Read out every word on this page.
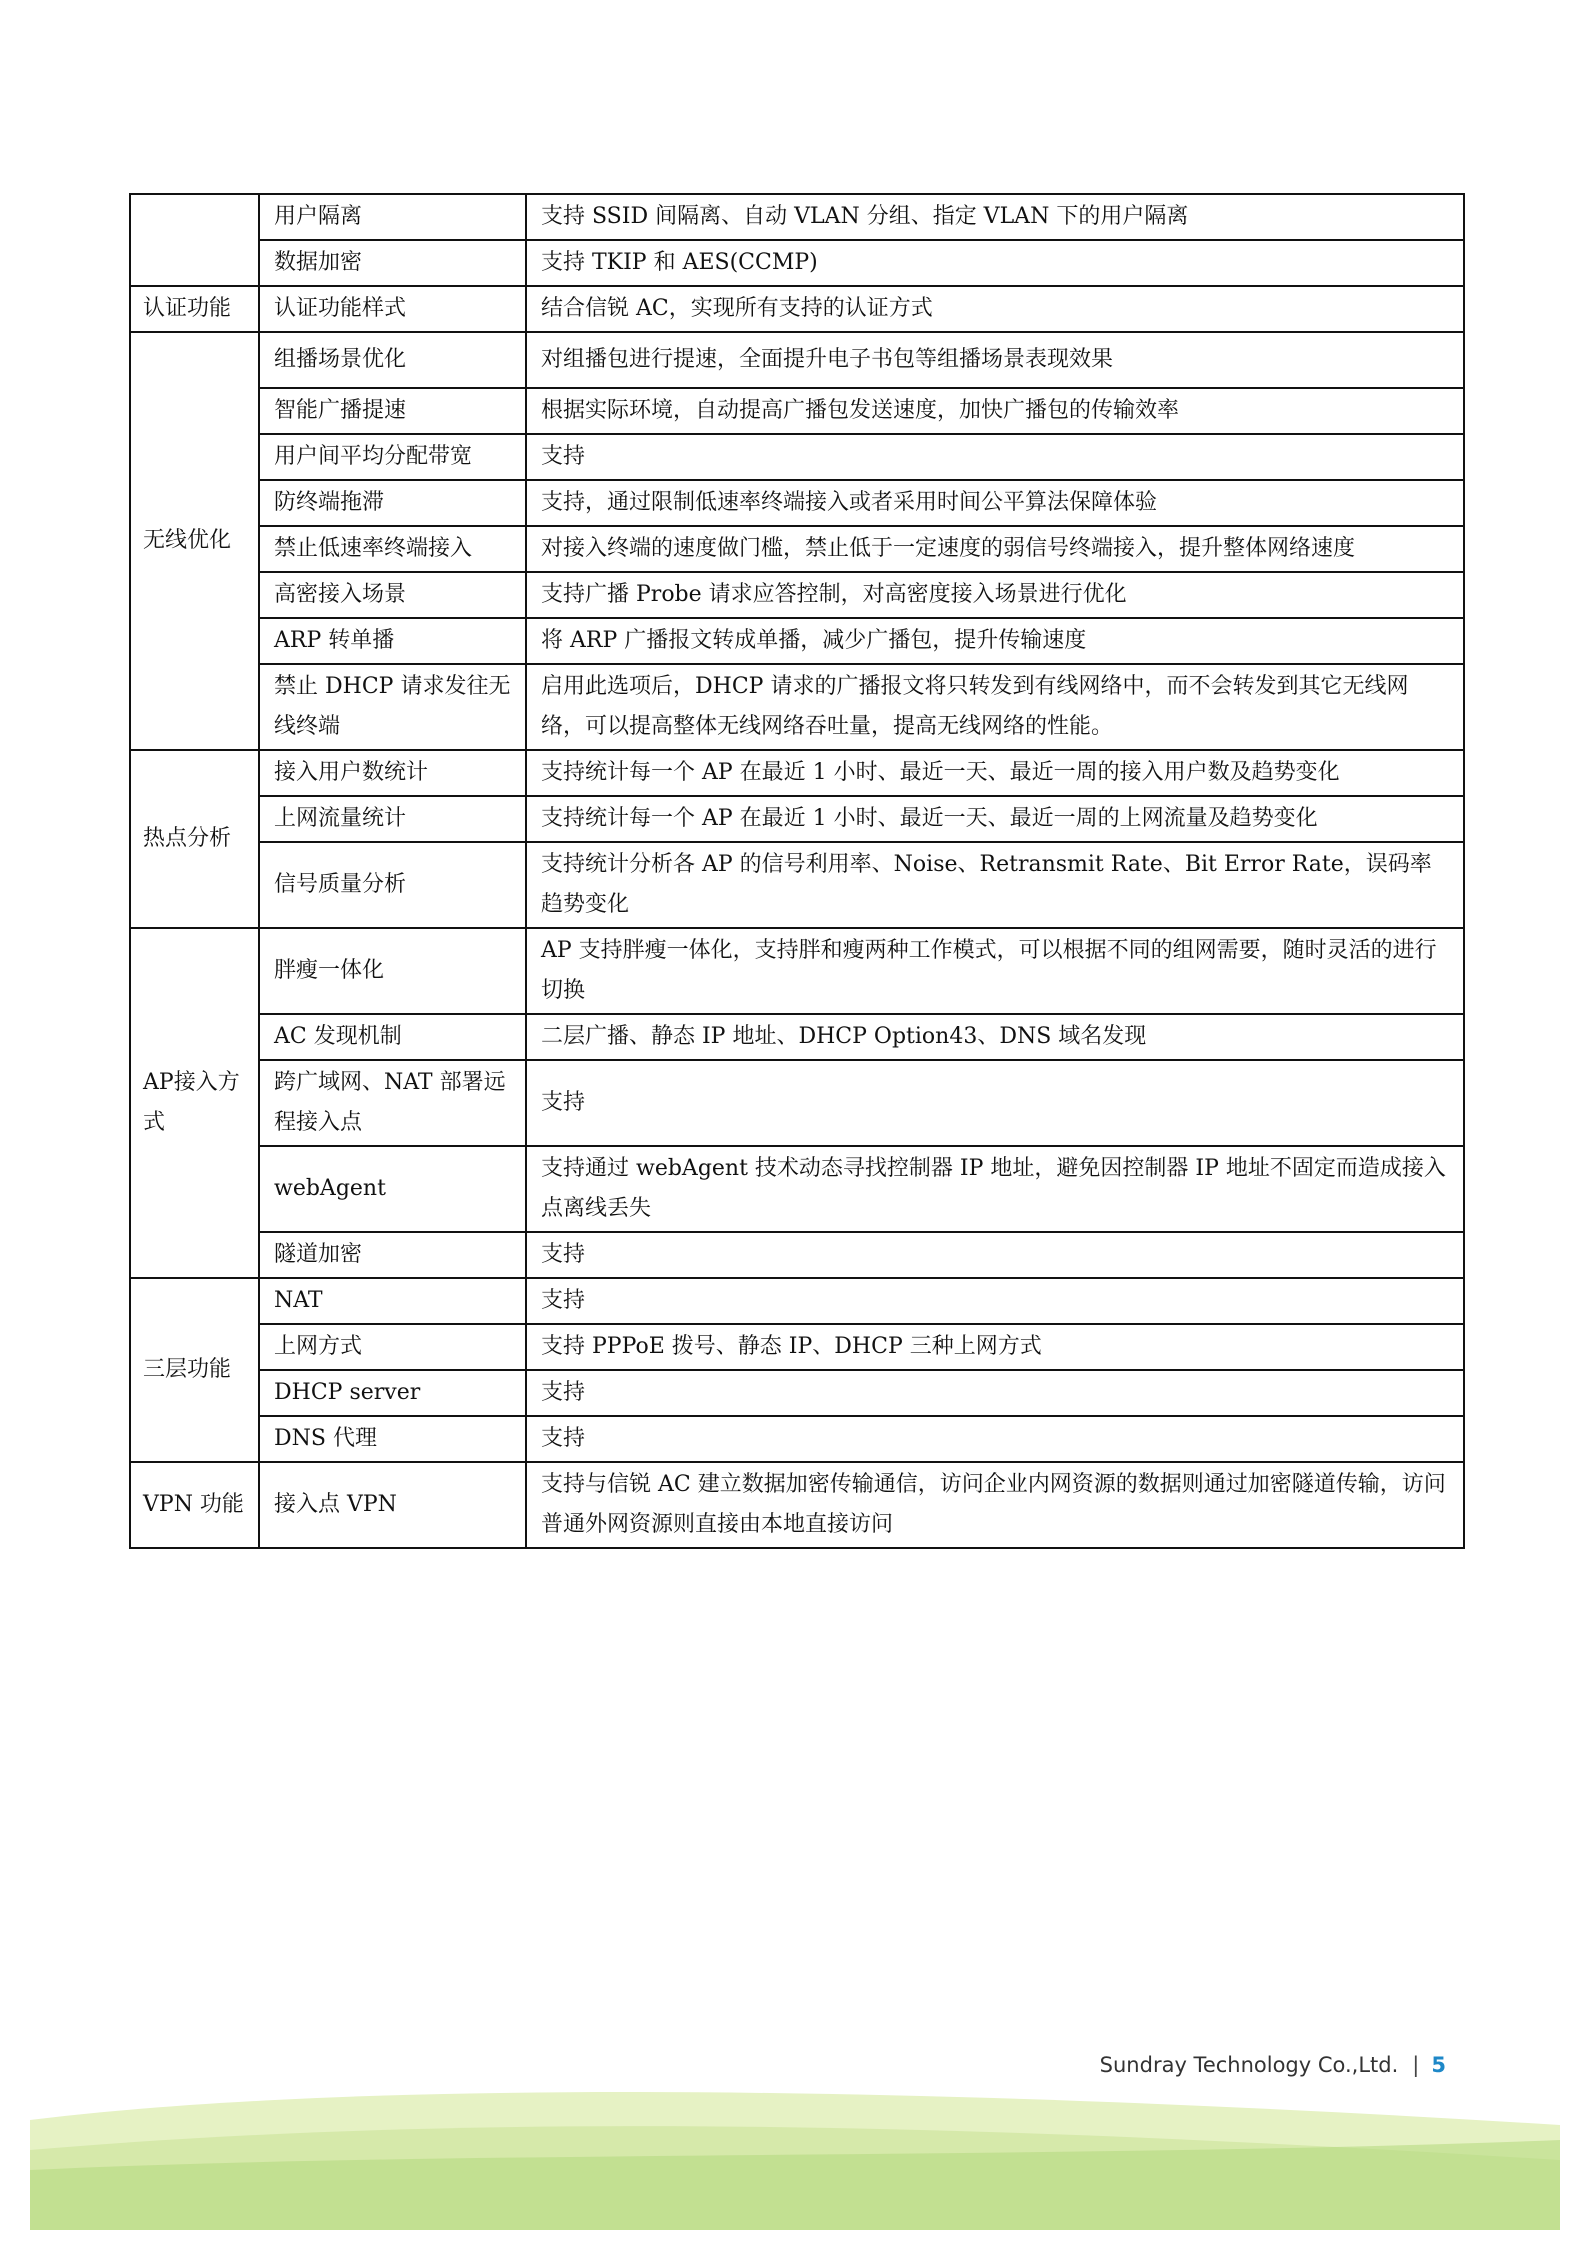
	用户隔离	支持 SSID 间隔离、自动 VLAN 分组、指定 VLAN 下的用户隔离
	数据加密	支持 TKIP 和 AES(CCMP)
认证功能	认证功能样式	结合信锐 AC，实现所有支持的认证方式
无线优化	组播场景优化	对组播包进行提速，全面提升电子书包等组播场景表现效果
	智能广播提速	根据实际环境，自动提高广播包发送速度，加快广播包的传输效率
	用户间平均分配带宽	支持
	防终端拖滞	支持，通过限制低速率终端接入或者采用时间公平算法保障体验
	禁止低速率终端接入	对接入终端的速度做门槛，禁止低于一定速度的弱信号终端接入，提升整体网络速度
	高密接入场景	支持广播 Probe 请求应答控制，对高密度接入场景进行优化
	ARP 转单播	将 ARP 广播报文转成单播，减少广播包，提升传输速度
	禁止 DHCP 请求发往无线终端	启用此选项后，DHCP 请求的广播报文将只转发到有线网络中，而不会转发到其它无线网络，可以提高整体无线网络吞吐量，提高无线网络的性能。
热点分析	接入用户数统计	支持统计每一个 AP 在最近 1 小时、最近一天、最近一周的接入用户数及趋势变化
	上网流量统计	支持统计每一个 AP 在最近 1 小时、最近一天、最近一周的上网流量及趋势变化
	信号质量分析	支持统计分析各 AP 的信号利用率、Noise、Retransmit Rate、Bit Error Rate，误码率趋势变化
AP接入方式	胖瘦一体化	AP 支持胖瘦一体化，支持胖和瘦两种工作模式，可以根据不同的组网需要，随时灵活的进行切换
	AC 发现机制	二层广播、静态 IP 地址、DHCP Option43、DNS 域名发现
	跨广域网、NAT 部署远程接入点	支持
	webAgent	支持通过 webAgent 技术动态寻找控制器 IP 地址，避免因控制器 IP 地址不固定而造成接入点离线丢失
	隧道加密	支持
三层功能	NAT	支持
	上网方式	支持 PPPoE 拨号、静态 IP、DHCP 三种上网方式
	DHCP server	支持
	DNS 代理	支持
VPN 功能	接入点 VPN	支持与信锐 AC 建立数据加密传输通信，访问企业内网资源的数据则通过加密隧道传输，访问普通外网资源则直接由本地直接访问
Sundray Technology Co.,Ltd. | 5
